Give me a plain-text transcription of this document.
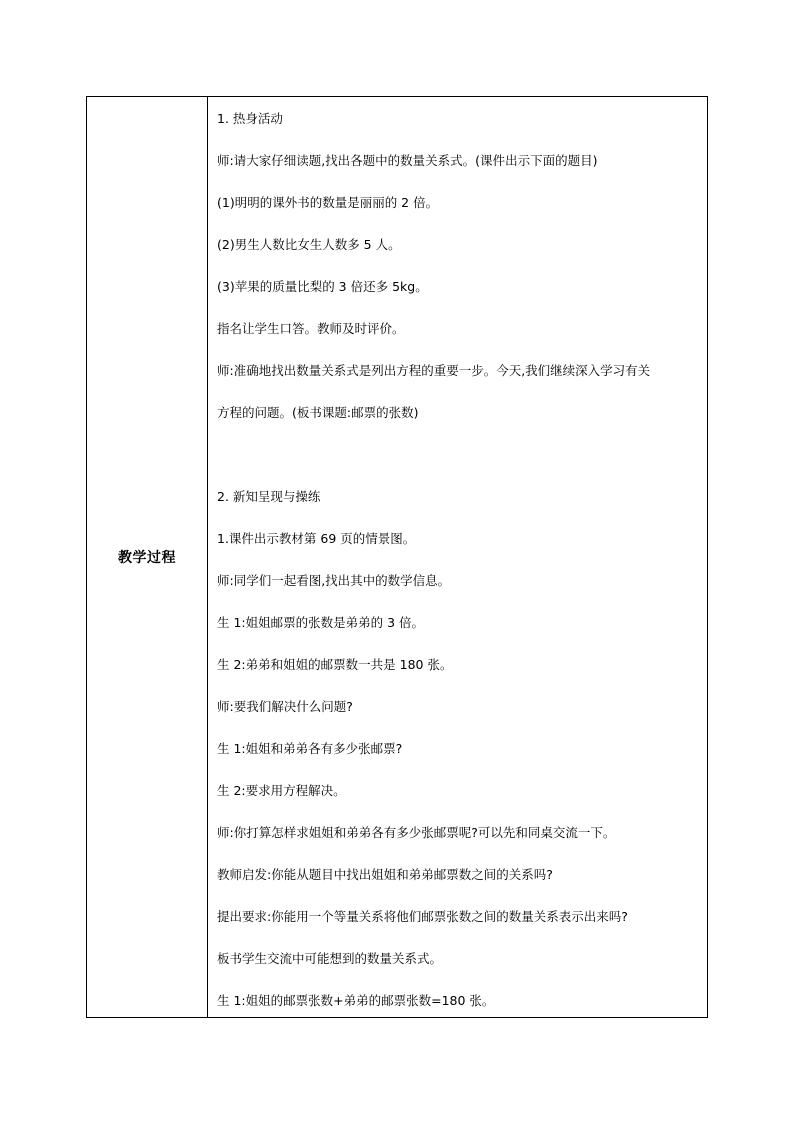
教学过程
1. 热身活动
师:请大家仔细读题,找出各题中的数量关系式。(课件出示下面的题目)
(1)明明的课外书的数量是丽丽的 2 倍。
(2)男生人数比女生人数多 5 人。
(3)苹果的质量比梨的 3 倍还多 5kg。
指名让学生口答。教师及时评价。
师:准确地找出数量关系式是列出方程的重要一步。今天,我们继续深入学习有关
方程的问题。(板书课题:邮票的张数)
2. 新知呈现与操练
1.课件出示教材第 69 页的情景图。
师:同学们一起看图,找出其中的数学信息。
生 1:姐姐邮票的张数是弟弟的 3 倍。
生 2:弟弟和姐姐的邮票数一共是 180 张。
师:要我们解决什么问题?
生 1:姐姐和弟弟各有多少张邮票?
生 2:要求用方程解决。
师:你打算怎样求姐姐和弟弟各有多少张邮票呢?可以先和同桌交流一下。
教师启发:你能从题目中找出姐姐和弟弟邮票数之间的关系吗?
提出要求:你能用一个等量关系将他们邮票张数之间的数量关系表示出来吗?
板书学生交流中可能想到的数量关系式。
生 1:姐姐的邮票张数+弟弟的邮票张数=180 张。
